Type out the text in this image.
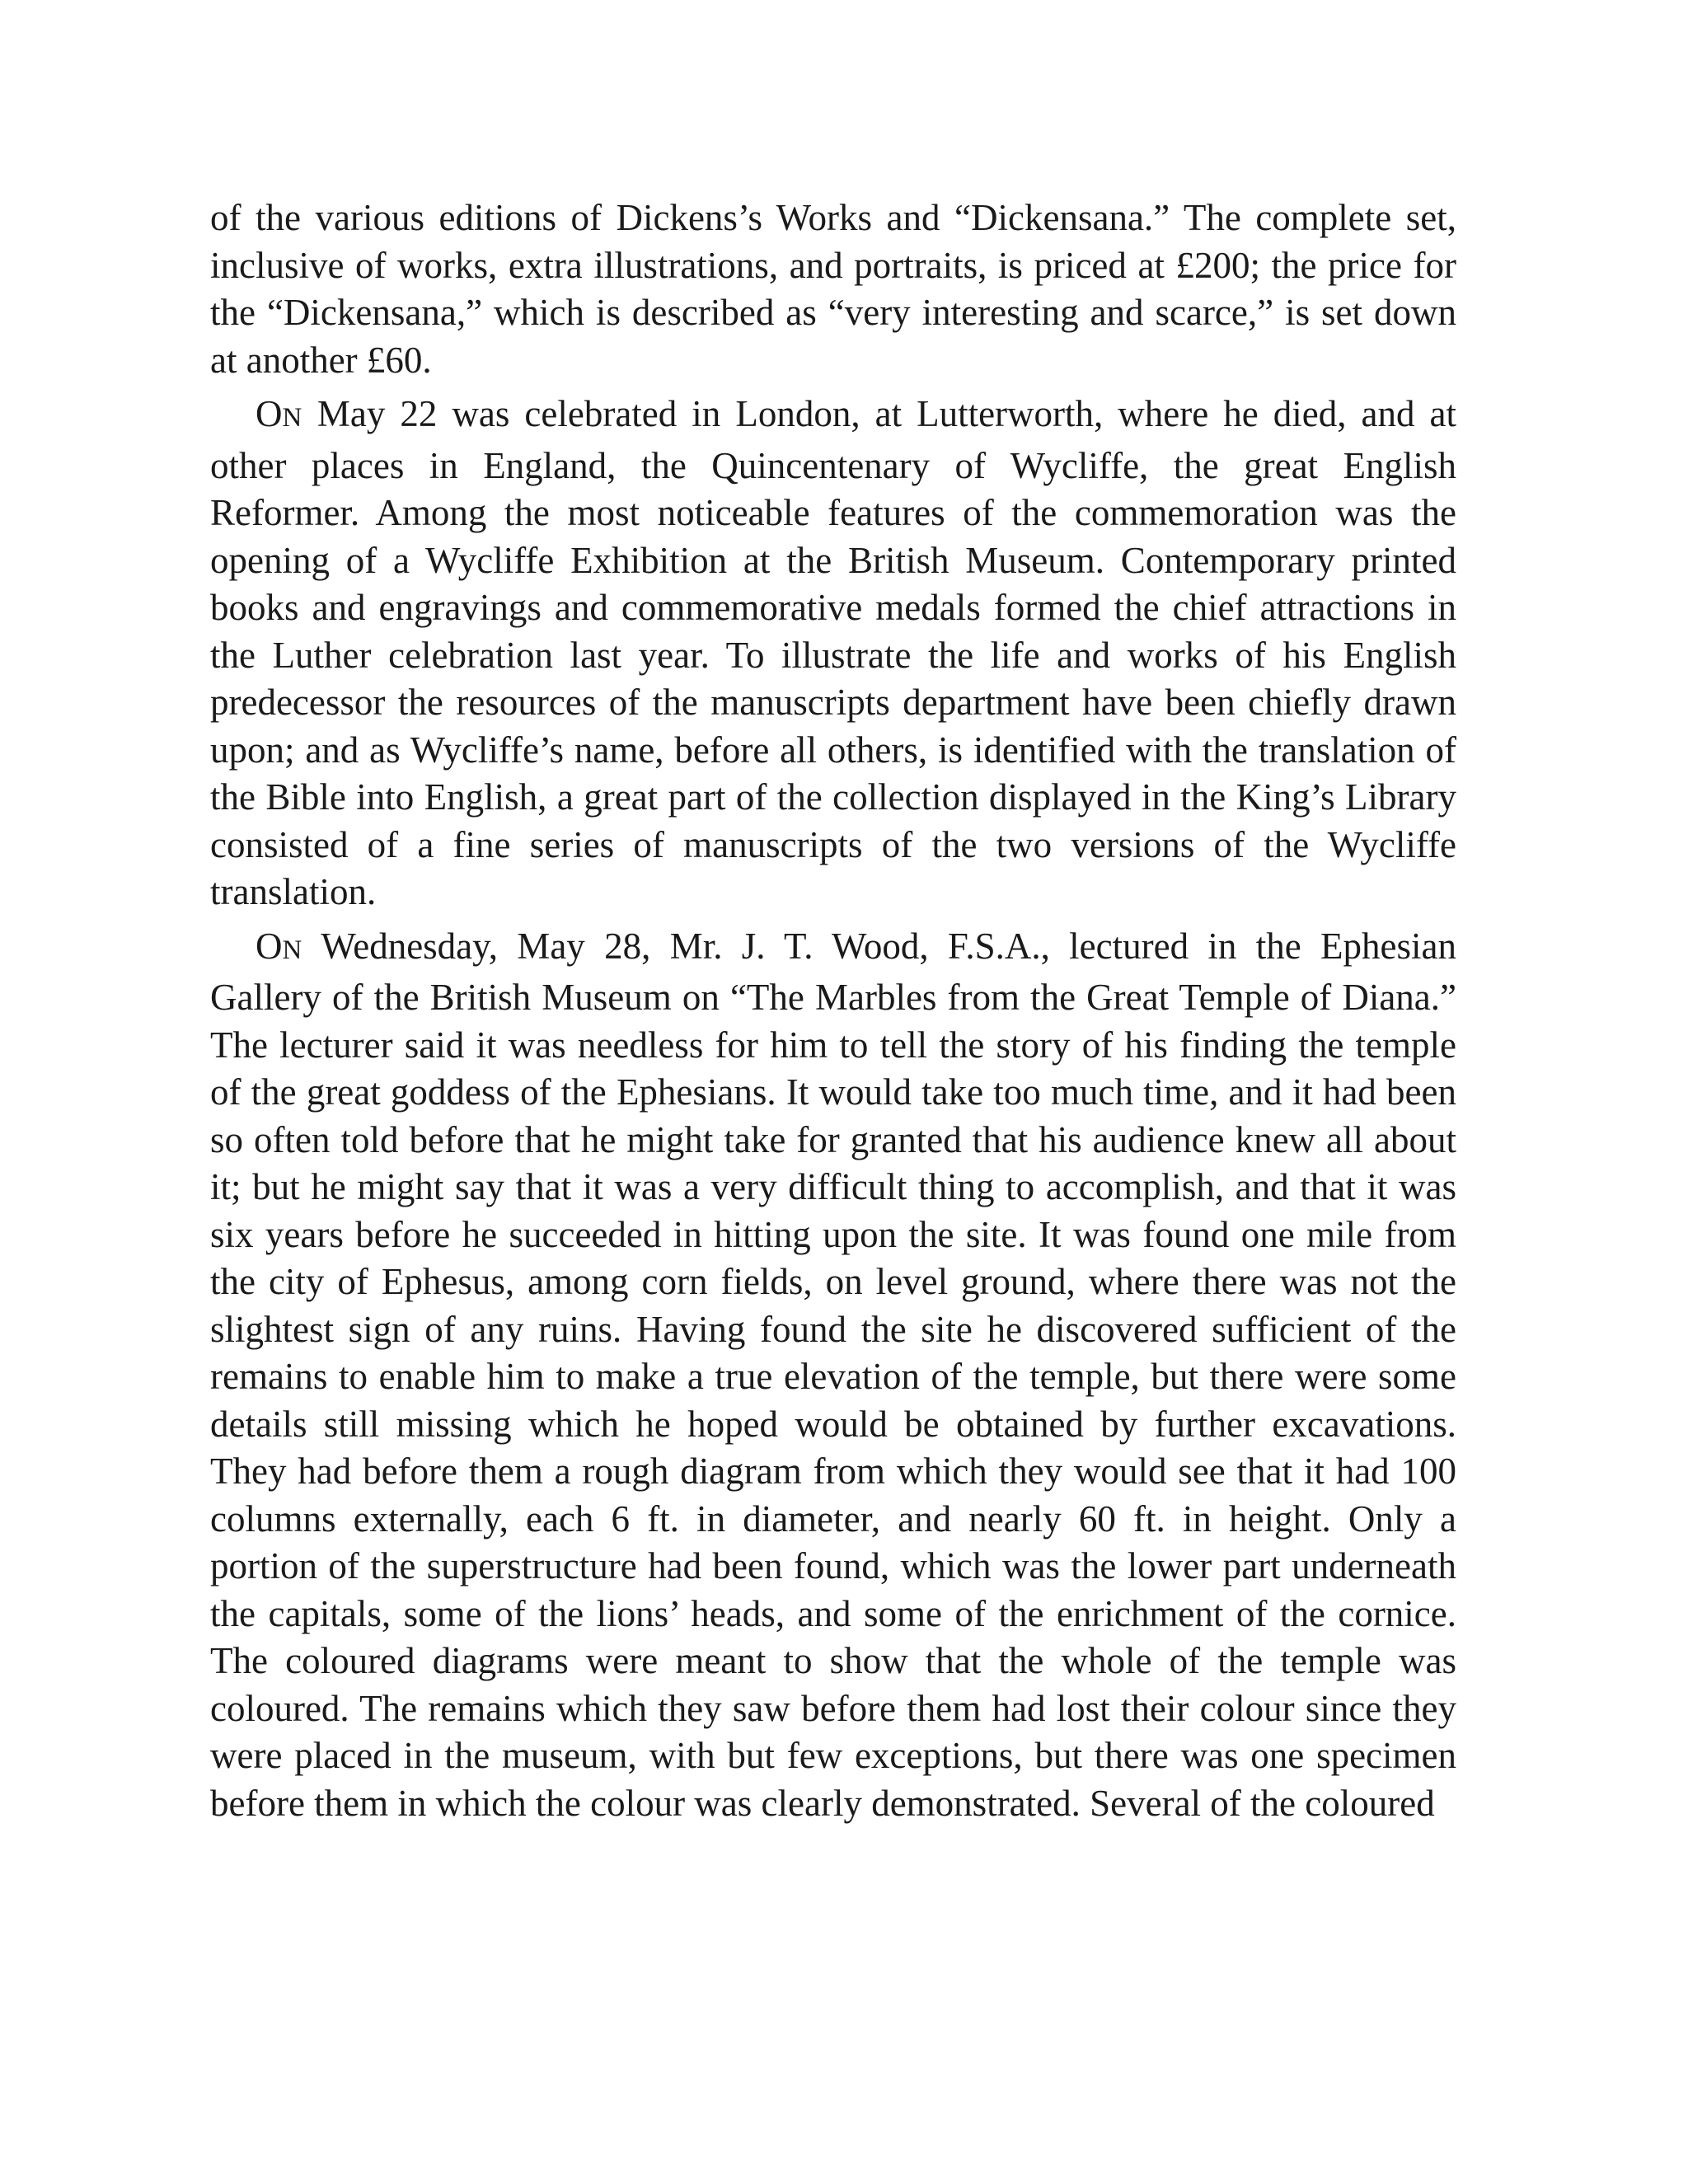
of the various editions of Dickens’s Works and “Dickensana.” The complete set, inclusive of works, extra illustrations, and portraits, is priced at £200; the price for the “Dickensana,” which is described as “very interesting and scarce,” is set down at another £60.

ON May 22 was celebrated in London, at Lutterworth, where he died, and at other places in England, the Quincentenary of Wycliffe, the great English Reformer. Among the most noticeable features of the commemoration was the opening of a Wycliffe Exhibition at the British Museum. Contemporary printed books and engravings and commemorative medals formed the chief attractions in the Luther celebration last year. To illustrate the life and works of his English predecessor the resources of the manuscripts department have been chiefly drawn upon; and as Wycliffe’s name, before all others, is identified with the translation of the Bible into English, a great part of the collection displayed in the King’s Library consisted of a fine series of manuscripts of the two versions of the Wycliffe translation.

ON Wednesday, May 28, Mr. J. T. Wood, F.S.A., lectured in the Ephesian Gallery of the British Museum on “The Marbles from the Great Temple of Diana.” The lecturer said it was needless for him to tell the story of his finding the temple of the great goddess of the Ephesians. It would take too much time, and it had been so often told before that he might take for granted that his audience knew all about it; but he might say that it was a very difficult thing to accomplish, and that it was six years before he succeeded in hitting upon the site. It was found one mile from the city of Ephesus, among corn fields, on level ground, where there was not the slightest sign of any ruins. Having found the site he discovered sufficient of the remains to enable him to make a true elevation of the temple, but there were some details still missing which he hoped would be obtained by further excavations. They had before them a rough diagram from which they would see that it had 100 columns externally, each 6 ft. in diameter, and nearly 60 ft. in height. Only a portion of the superstructure had been found, which was the lower part underneath the capitals, some of the lions’ heads, and some of the enrichment of the cornice. The coloured diagrams were meant to show that the whole of the temple was coloured. The remains which they saw before them had lost their colour since they were placed in the museum, with but few exceptions, but there was one specimen before them in which the colour was clearly demonstrated. Several of the coloured
